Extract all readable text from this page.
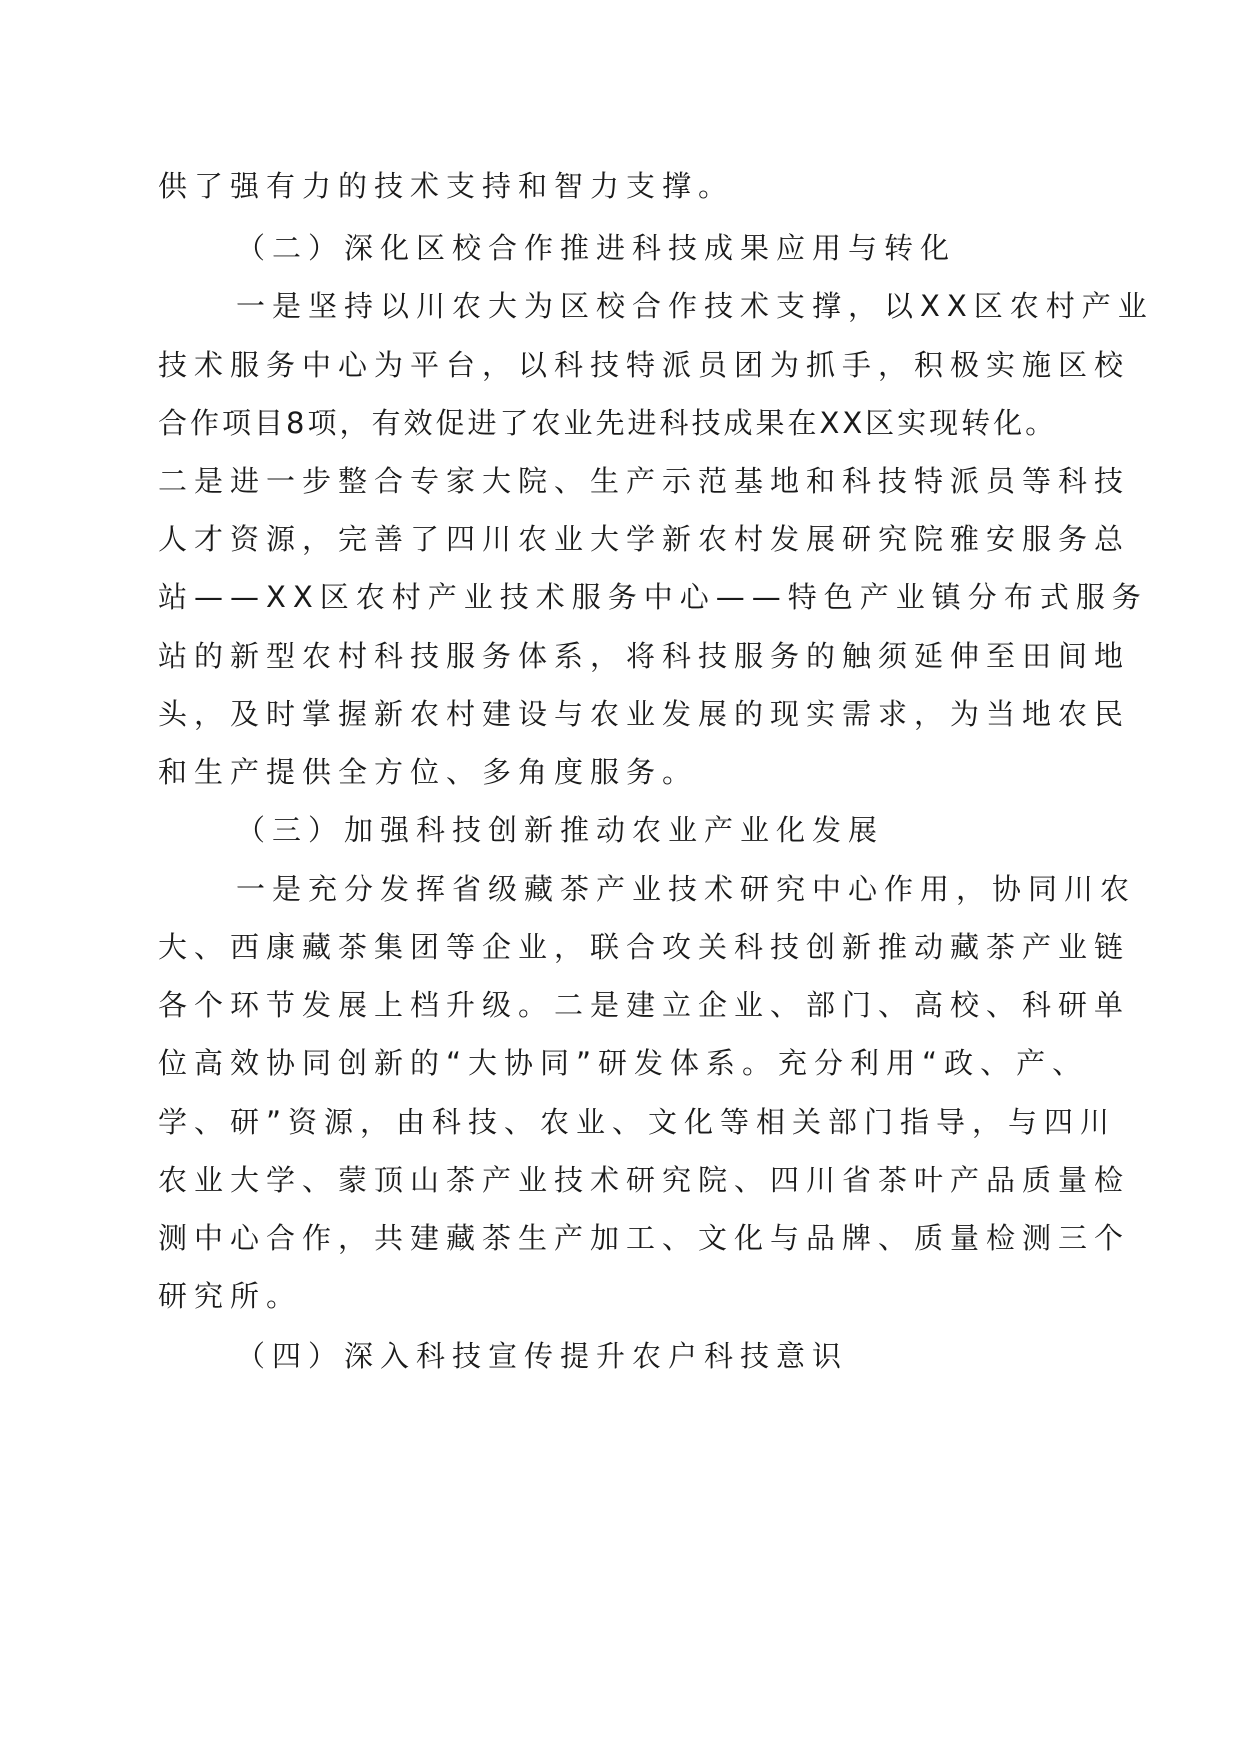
供了强有力的技术支持和智力支撑。
（二）深化区校合作推进科技成果应用与转化
一是坚持以川农大为区校合作技术支撑，以XX区农村产业
技术服务中心为平台，以科技特派员团为抓手，积极实施区校
合作项目8项，有效促进了农业先进科技成果在XX区实现转化。
二是进一步整合专家大院、生产示范基地和科技特派员等科技
人才资源，完善了四川农业大学新农村发展研究院雅安服务总
站——XX区农村产业技术服务中心——特色产业镇分布式服务
站的新型农村科技服务体系，将科技服务的触须延伸至田间地
头，及时掌握新农村建设与农业发展的现实需求，为当地农民
和生产提供全方位、多角度服务。
（三）加强科技创新推动农业产业化发展
一是充分发挥省级藏茶产业技术研究中心作用，协同川农
大、西康藏茶集团等企业，联合攻关科技创新推动藏茶产业链
各个环节发展上档升级。二是建立企业、部门、高校、科研单
位高效协同创新的“大协同”研发体系。充分利用“政、产、
学、研”资源，由科技、农业、文化等相关部门指导，与四川
农业大学、蒙顶山茶产业技术研究院、四川省茶叶产品质量检
测中心合作，共建藏茶生产加工、文化与品牌、质量检测三个
研究所。
（四）深入科技宣传提升农户科技意识
